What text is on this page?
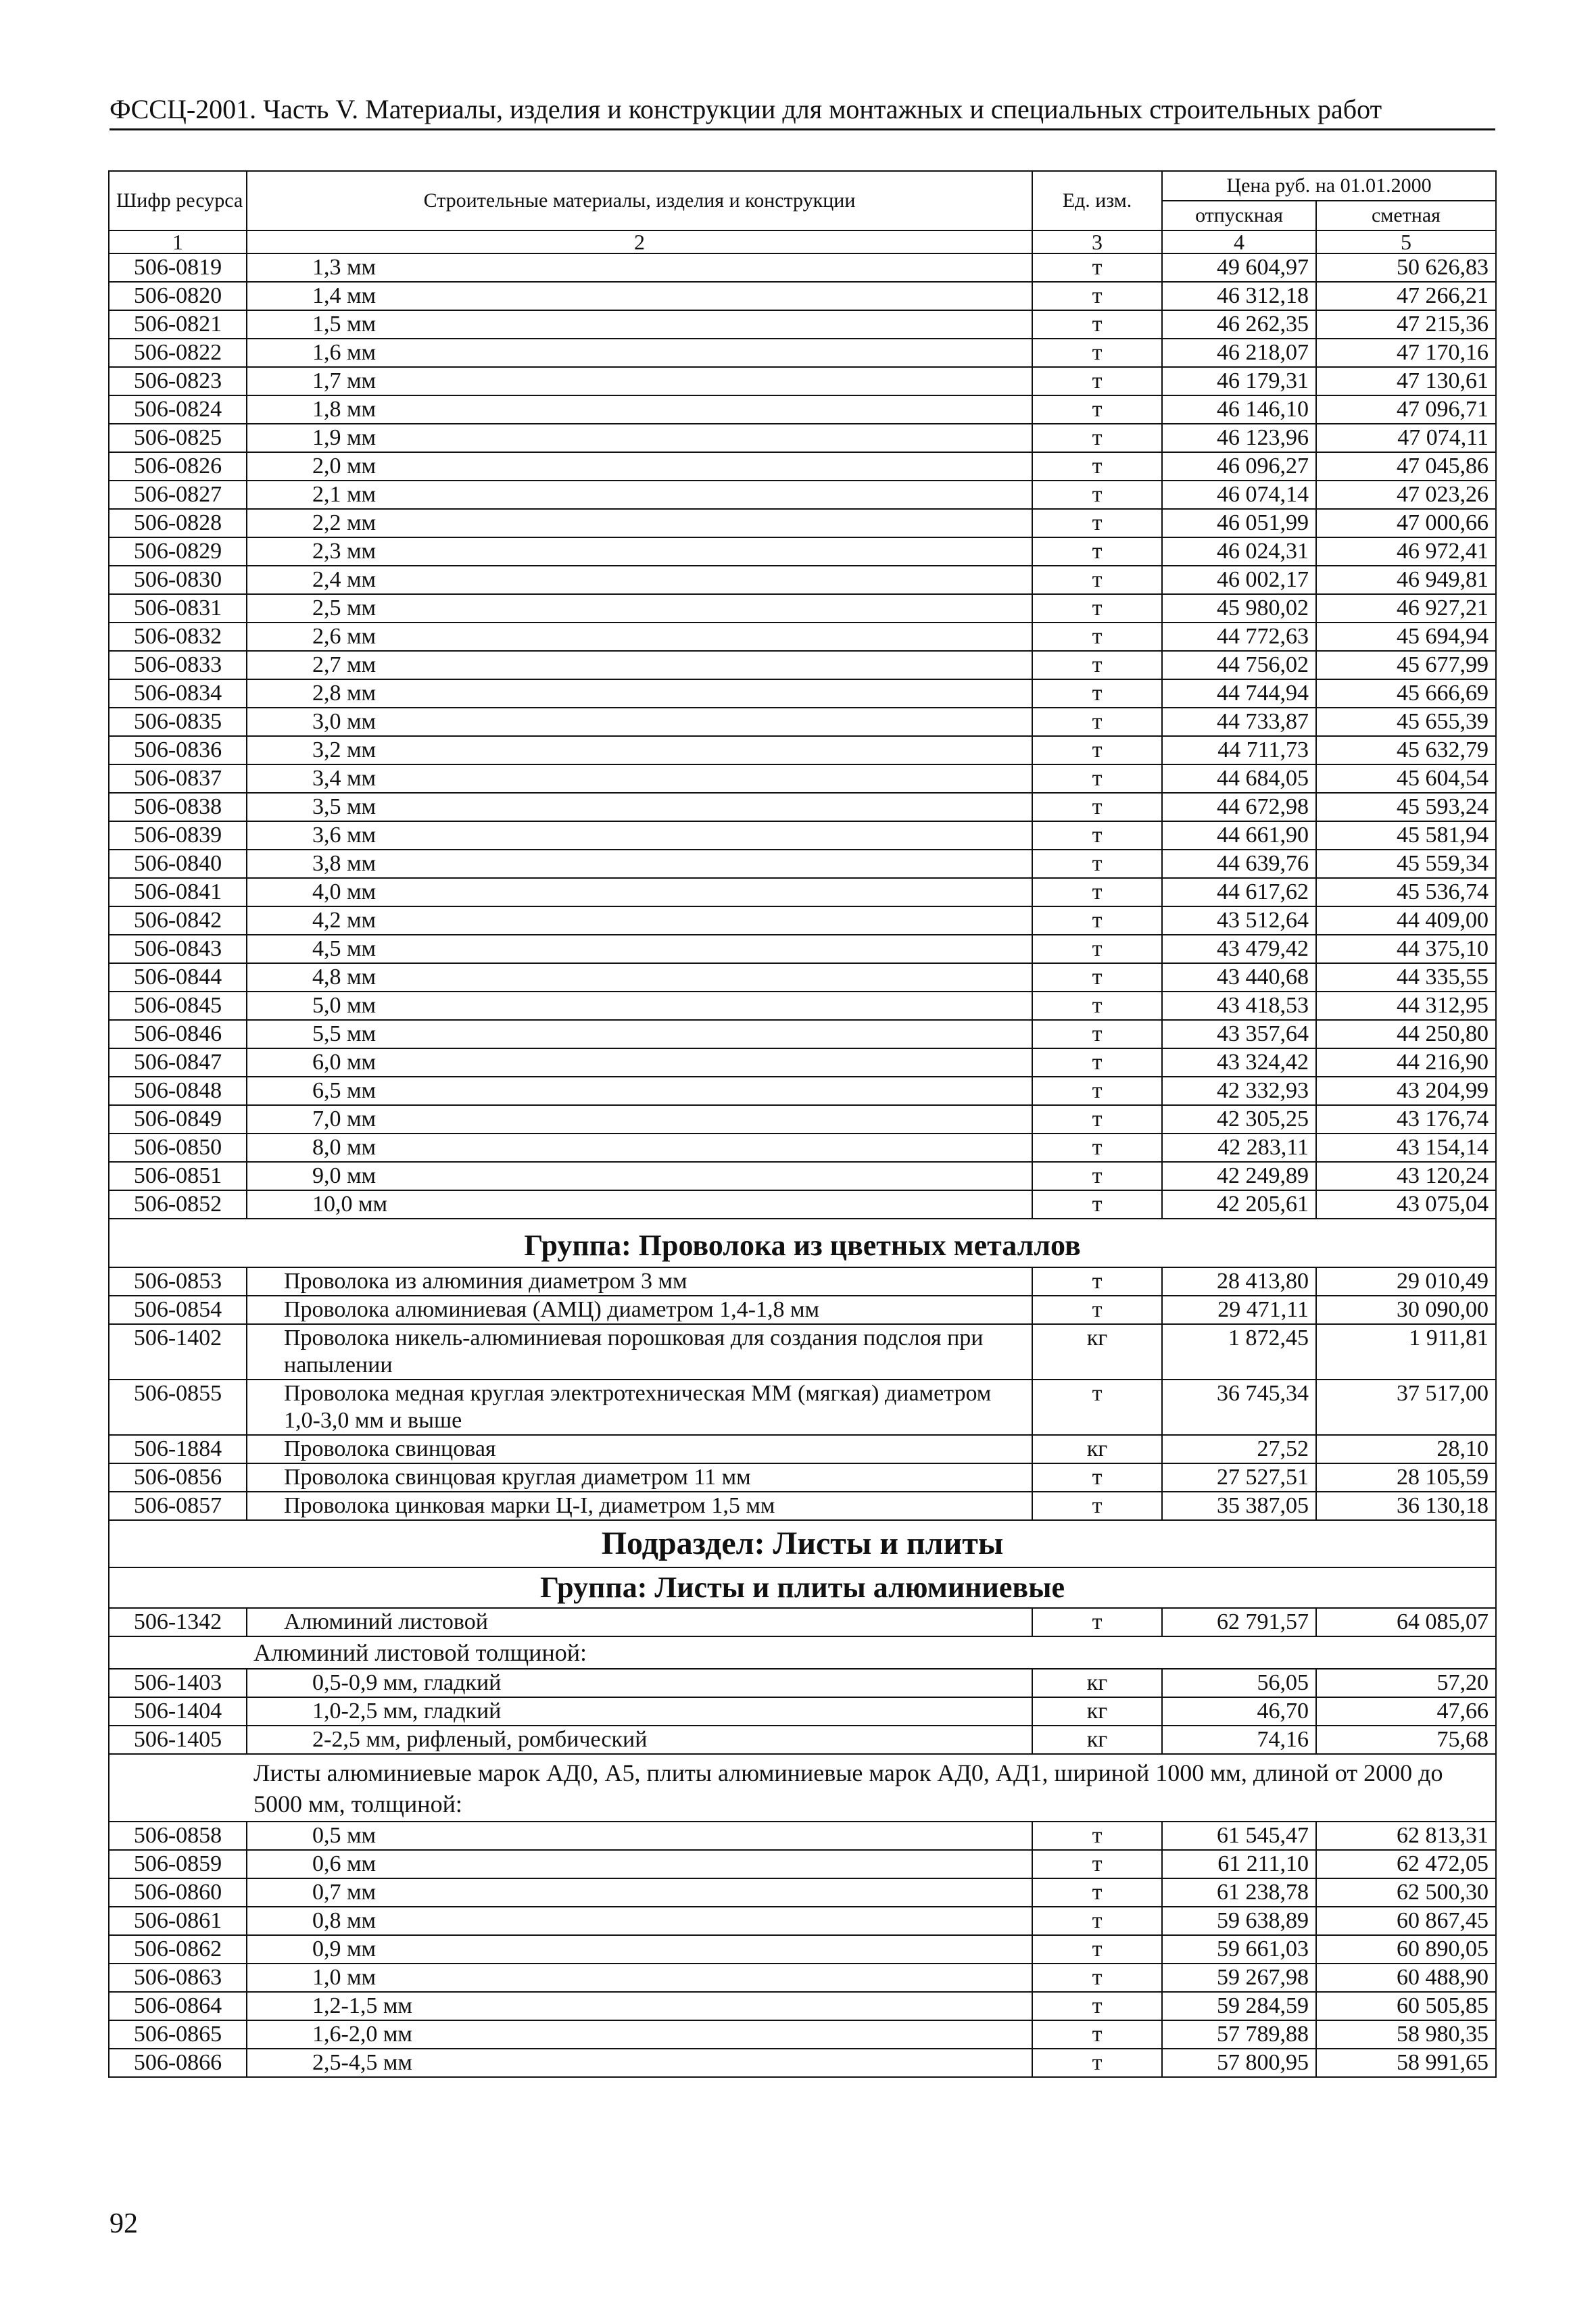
ФССЦ-2001. Часть V. Материалы, изделия и конструкции для монтажных и специальных строительных работ
Шифр ресурса	Строительные материалы, изделия и конструкции	Ед. изм.	Цена руб. на 01.01.2000	
			отпускная	сметная
1	2	3	4	5
506-0819	1,3 мм	т	49 604,97	50 626,83
506-0820	1,4 мм	т	46 312,18	47 266,21
506-0821	1,5 мм	т	46 262,35	47 215,36
506-0822	1,6 мм	т	46 218,07	47 170,16
506-0823	1,7 мм	т	46 179,31	47 130,61
506-0824	1,8 мм	т	46 146,10	47 096,71
506-0825	1,9 мм	т	46 123,96	47 074,11
506-0826	2,0 мм	т	46 096,27	47 045,86
506-0827	2,1 мм	т	46 074,14	47 023,26
506-0828	2,2 мм	т	46 051,99	47 000,66
506-0829	2,3 мм	т	46 024,31	46 972,41
506-0830	2,4 мм	т	46 002,17	46 949,81
506-0831	2,5 мм	т	45 980,02	46 927,21
506-0832	2,6 мм	т	44 772,63	45 694,94
506-0833	2,7 мм	т	44 756,02	45 677,99
506-0834	2,8 мм	т	44 744,94	45 666,69
506-0835	3,0 мм	т	44 733,87	45 655,39
506-0836	3,2 мм	т	44 711,73	45 632,79
506-0837	3,4 мм	т	44 684,05	45 604,54
506-0838	3,5 мм	т	44 672,98	45 593,24
506-0839	3,6 мм	т	44 661,90	45 581,94
506-0840	3,8 мм	т	44 639,76	45 559,34
506-0841	4,0 мм	т	44 617,62	45 536,74
506-0842	4,2 мм	т	43 512,64	44 409,00
506-0843	4,5 мм	т	43 479,42	44 375,10
506-0844	4,8 мм	т	43 440,68	44 335,55
506-0845	5,0 мм	т	43 418,53	44 312,95
506-0846	5,5 мм	т	43 357,64	44 250,80
506-0847	6,0 мм	т	43 324,42	44 216,90
506-0848	6,5 мм	т	42 332,93	43 204,99
506-0849	7,0 мм	т	42 305,25	43 176,74
506-0850	8,0 мм	т	42 283,11	43 154,14
506-0851	9,0 мм	т	42 249,89	43 120,24
506-0852	10,0 мм	т	42 205,61	43 075,04
Группа: Проволока из цветных металлов				
506-0853	Проволока из алюминия диаметром 3 мм	т	28 413,80	29 010,49
506-0854	Проволока алюминиевая (АМЦ) диаметром 1,4-1,8 мм	т	29 471,11	30 090,00
506-1402	Проволока никель-алюминиевая порошковая для создания подслоя при напылении	кг	1 872,45	1 911,81
506-0855	Проволока медная круглая электротехническая ММ (мягкая) диаметром 1,0-3,0 мм и выше	т	36 745,34	37 517,00
506-1884	Проволока свинцовая	кг	27,52	28,10
506-0856	Проволока свинцовая круглая диаметром 11 мм	т	27 527,51	28 105,59
506-0857	Проволока цинковая марки Ц-I, диаметром 1,5 мм	т	35 387,05	36 130,18
Подраздел: Листы и плиты				
Группа: Листы и плиты алюминиевые				
506-1342	Алюминий листовой	т	62 791,57	64 085,07
	Алюминий листовой толщиной:			
506-1403	0,5-0,9 мм, гладкий	кг	56,05	57,20
506-1404	1,0-2,5 мм, гладкий	кг	46,70	47,66
506-1405	2-2,5 мм, рифленый, ромбический	кг	74,16	75,68
	Листы алюминиевые марок АД0, А5, плиты алюминиевые марок АД0, АД1, шириной 1000 мм, длиной от 2000 до 5000 мм, толщиной:			
506-0858	0,5 мм	т	61 545,47	62 813,31
506-0859	0,6 мм	т	61 211,10	62 472,05
506-0860	0,7 мм	т	61 238,78	62 500,30
506-0861	0,8 мм	т	59 638,89	60 867,45
506-0862	0,9 мм	т	59 661,03	60 890,05
506-0863	1,0 мм	т	59 267,98	60 488,90
506-0864	1,2-1,5 мм	т	59 284,59	60 505,85
506-0865	1,6-2,0 мм	т	57 789,88	58 980,35
506-0866	2,5-4,5 мм	т	57 800,95	58 991,65
92
